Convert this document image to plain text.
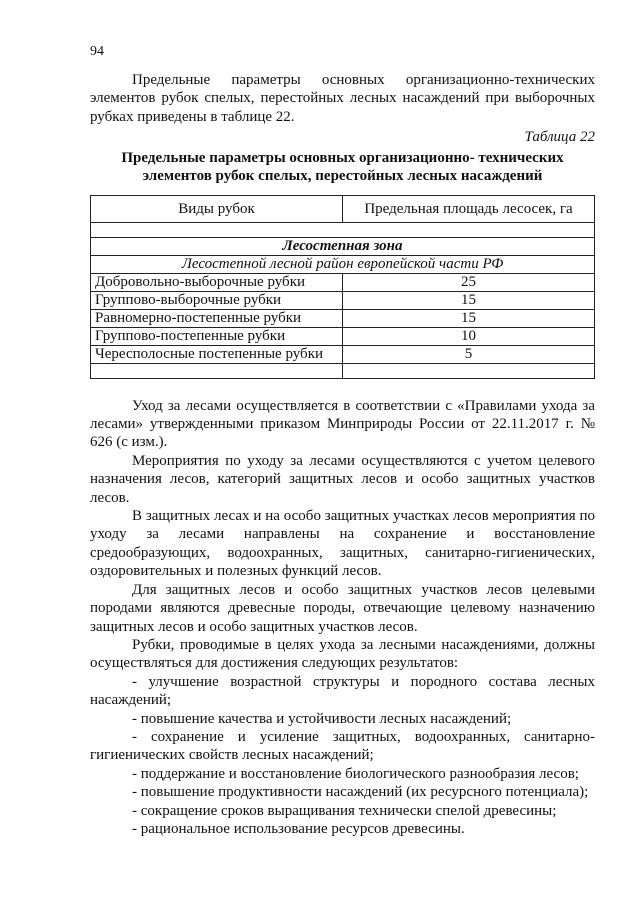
94

Предельные параметры основных организационно-технических элементов рубок спелых, перестойных лесных насаждений при выборочных рубках приведены в таблице 22.

Таблица 22

Предельные параметры основных организационно- технических элементов рубок спелых, перестойных лесных насаждений

Виды рубок	Предельная площадь лесосек, га

Лесостепная зона	
Лесостепной лесной район европейской части РФ	
Добровольно-выборочные рубки	25
Группово-выборочные рубки	15
Равномерно-постепенные рубки	15
Группово-постепенные рубки	10
Чересполосные постепенные рубки	5

Уход за лесами осуществляется в соответствии с «Правилами ухода за лесами» утвержденными приказом Минприроды России от 22.11.2017 г. № 626 (с изм.).

Мероприятия по уходу за лесами осуществляются с учетом целевого назначения лесов, категорий защитных лесов и особо защитных участков лесов.

В защитных лесах и на особо защитных участках лесов мероприятия по уходу за лесами направлены на сохранение и восстановление средообразующих, водоохранных, защитных, санитарно-гигиенических, оздоровительных и полезных функций лесов.

Для защитных лесов и особо защитных участков лесов целевыми породами являются древесные породы, отвечающие целевому назначению защитных лесов и особо защитных участков лесов.

Рубки, проводимые в целях ухода за лесными насаждениями, должны осуществляться для достижения следующих результатов:

- улучшение возрастной структуры и породного состава лесных насаждений;

- повышение качества и устойчивости лесных насаждений;

- сохранение и усиление защитных, водоохранных, санитарно-гигиенических свойств лесных насаждений;

- поддержание и восстановление биологического разнообразия лесов;

- повышение продуктивности насаждений (их ресурсного потенциала);

- сокращение сроков выращивания технически спелой древесины;

- рациональное использование ресурсов древесины.
